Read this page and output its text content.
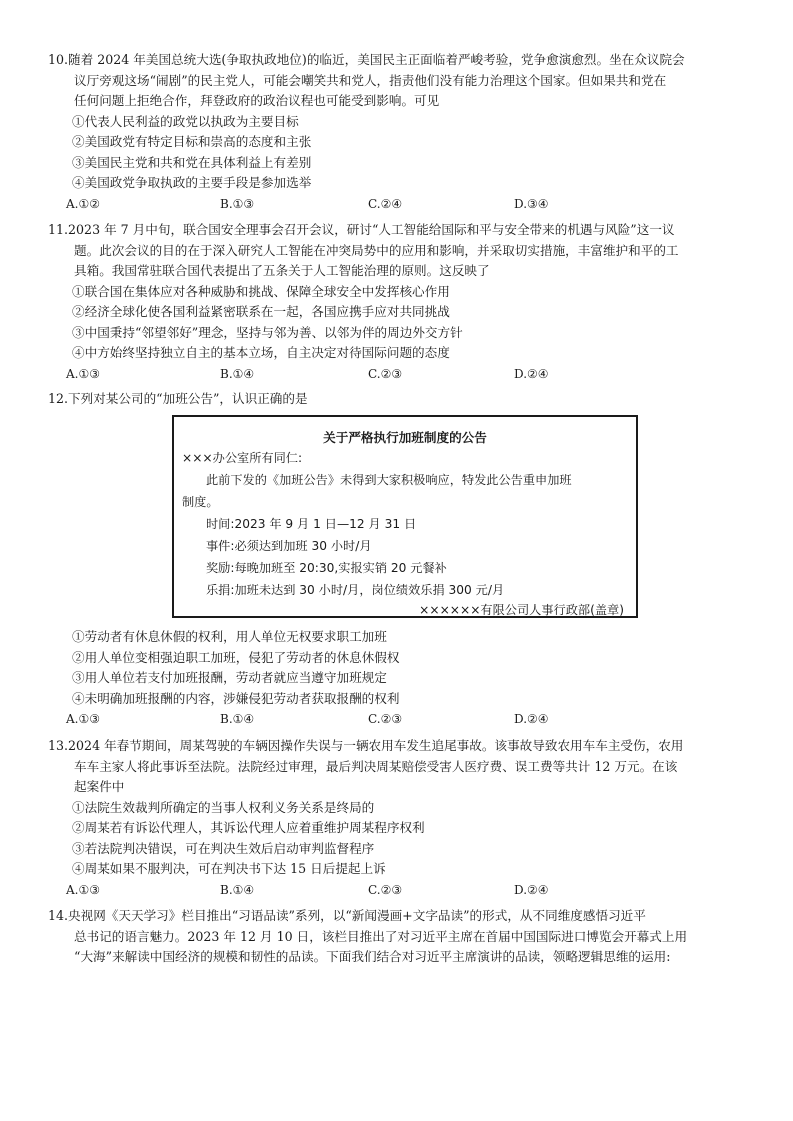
10.随着 2024 年美国总统大选(争取执政地位)的临近，美国民主正面临着严峻考验，党争愈演愈烈。坐在众议院会
议厅旁观这场“闹剧”的民主党人，可能会嘲笑共和党人，指责他们没有能力治理这个国家。但如果共和党在
任何问题上拒绝合作，拜登政府的政治议程也可能受到影响。可见
①代表人民利益的政党以执政为主要目标
②美国政党有特定目标和崇高的态度和主张
③美国民主党和共和党在具体利益上有差别
④美国政党争取执政的主要手段是参加选举
A.①②	B.①③	C.②④	D.③④
11.2023 年 7 月中旬，联合国安全理事会召开会议，研讨“人工智能给国际和平与安全带来的机遇与风险”这一议
题。此次会议的目的在于深入研究人工智能在冲突局势中的应用和影响，并采取切实措施，丰富维护和平的工
具箱。我国常驻联合国代表提出了五条关于人工智能治理的原则。这反映了
①联合国在集体应对各种威胁和挑战、保障全球安全中发挥核心作用
②经济全球化使各国利益紧密联系在一起，各国应携手应对共同挑战
③中国秉持“邻望邻好”理念，坚持与邻为善、以邻为伴的周边外交方针
④中方始终坚持独立自主的基本立场，自主决定对待国际问题的态度
A.①③	B.①④	C.②③	D.②④
12.下列对某公司的“加班公告”，认识正确的是
关于严格执行加班制度的公告
×××办公室所有同仁:
此前下发的《加班公告》未得到大家积极响应，特发此公告重申加班
制度。
时间:2023 年 9 月 1 日—12 月 31 日
事件:必须达到加班 30 小时/月
奖励:每晚加班至 20:30,实报实销 20 元餐补
乐捐:加班未达到 30 小时/月，岗位绩效乐捐 300 元/月
××××××有限公司人事行政部(盖章)
①劳动者有休息休假的权利，用人单位无权要求职工加班
②用人单位变相强迫职工加班，侵犯了劳动者的休息休假权
③用人单位若支付加班报酬，劳动者就应当遵守加班规定
④未明确加班报酬的内容，涉嫌侵犯劳动者获取报酬的权利
A.①③	B.①④	C.②③	D.②④
13.2024 年春节期间，周某驾驶的车辆因操作失误与一辆农用车发生追尾事故。该事故导致农用车车主受伤，农用
车车主家人将此事诉至法院。法院经过审理，最后判决周某赔偿受害人医疗费、误工费等共计 12 万元。在该
起案件中
①法院生效裁判所确定的当事人权利义务关系是终局的
②周某若有诉讼代理人，其诉讼代理人应着重维护周某程序权利
③若法院判决错误，可在判决生效后启动审判监督程序
④周某如果不服判决，可在判决书下达 15 日后提起上诉
A.①③	B.①④	C.②③	D.②④
14.央视网《天天学习》栏目推出“习语品读”系列，以“新闻漫画+文字品读”的形式，从不同维度感悟习近平
总书记的语言魅力。2023 年 12 月 10 日，该栏目推出了对习近平主席在首届中国国际进口博览会开幕式上用
“大海”来解读中国经济的规模和韧性的品读。下面我们结合对习近平主席演讲的品读，领略逻辑思维的运用:
